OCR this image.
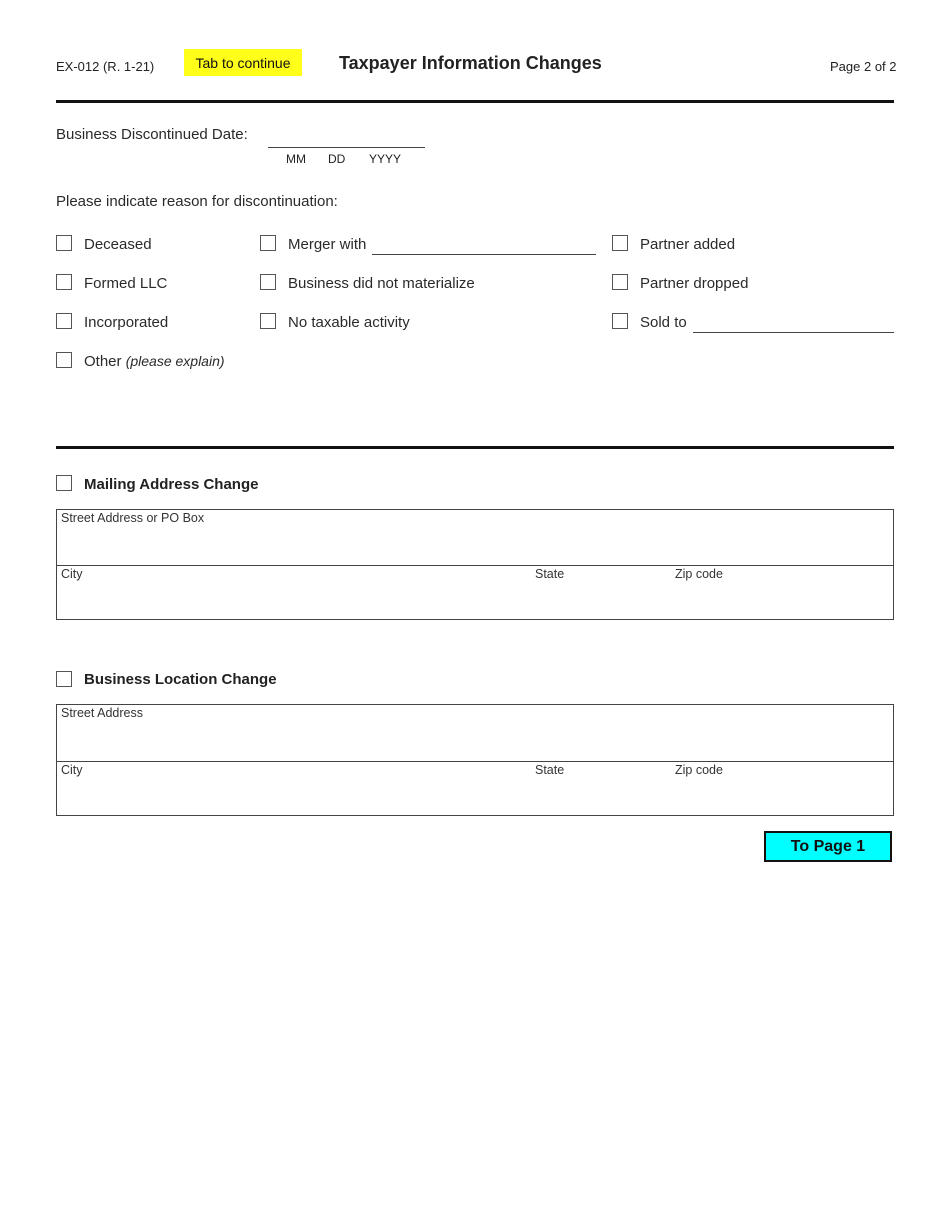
EX-012 (R. 1-21)	Tab to continue	Taxpayer Information Changes	Page 2 of 2
Business Discontinued Date:
MM DD YYYY
Please indicate reason for discontinuation:
Deceased
Formed LLC
Incorporated
Other (please explain)
Merger with
Business did not materialize
No taxable activity
Partner added
Partner dropped
Sold to
Mailing Address Change
Street Address or PO Box
City	State	Zip code
Business Location Change
Street Address
City	State	Zip code
To Page 1
